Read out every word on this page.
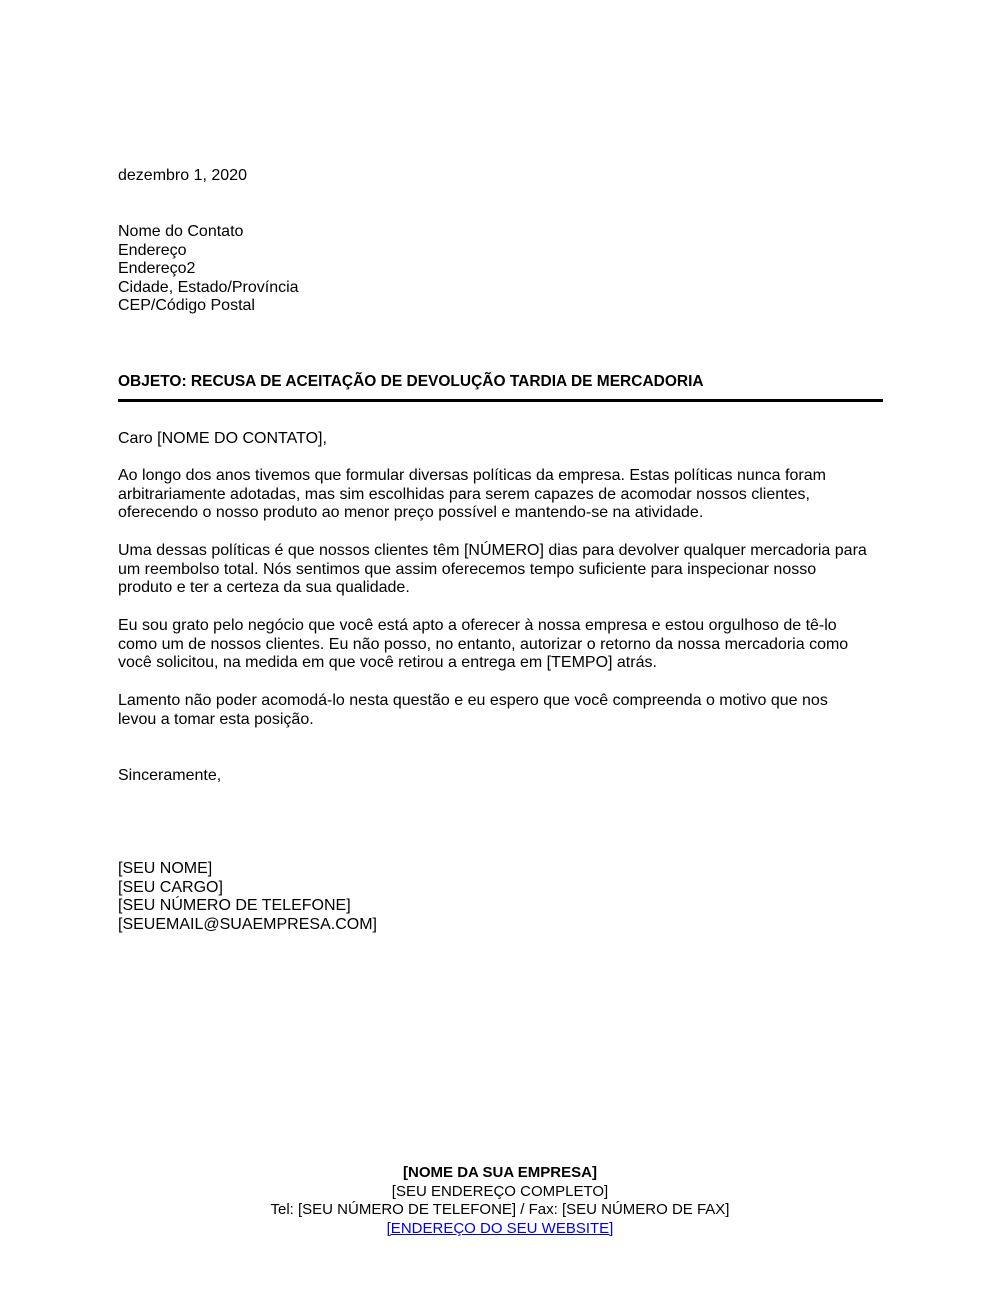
dezembro 1, 2020
Nome do Contato
Endereço
Endereço2
Cidade, Estado/Província
CEP/Código Postal
OBJETO: RECUSA DE ACEITAÇÃO DE DEVOLUÇÃO TARDIA DE MERCADORIA
Caro [NOME DO CONTATO],
Ao longo dos anos tivemos que formular diversas políticas da empresa. Estas políticas nunca foram
arbitrariamente adotadas, mas sim escolhidas para serem capazes de acomodar nossos clientes,
oferecendo o nosso produto ao menor preço possível e mantendo-se na atividade.
Uma dessas políticas é que nossos clientes têm [NÚMERO] dias para devolver qualquer mercadoria para
um reembolso total. Nós sentimos que assim oferecemos tempo suficiente para inspecionar nosso
produto e ter a certeza da sua qualidade.
Eu sou grato pelo negócio que você está apto a oferecer à nossa empresa e estou orgulhoso de tê-lo
como um de nossos clientes. Eu não posso, no entanto, autorizar o retorno da nossa mercadoria como
você solicitou, na medida em que você retirou a entrega em [TEMPO] atrás.
Lamento não poder acomodá-lo nesta questão e eu espero que você compreenda o motivo que nos
levou a tomar esta posição.
Sinceramente,
[SEU NOME]
[SEU CARGO]
[SEU NÚMERO DE TELEFONE]
[SEUEMAIL@SUAEMPRESA.COM]
[NOME DA SUA EMPRESA]
[SEU ENDEREÇO COMPLETO]
Tel: [SEU NÚMERO DE TELEFONE] / Fax: [SEU NÚMERO DE FAX]
[ENDEREÇO DO SEU WEBSITE]
